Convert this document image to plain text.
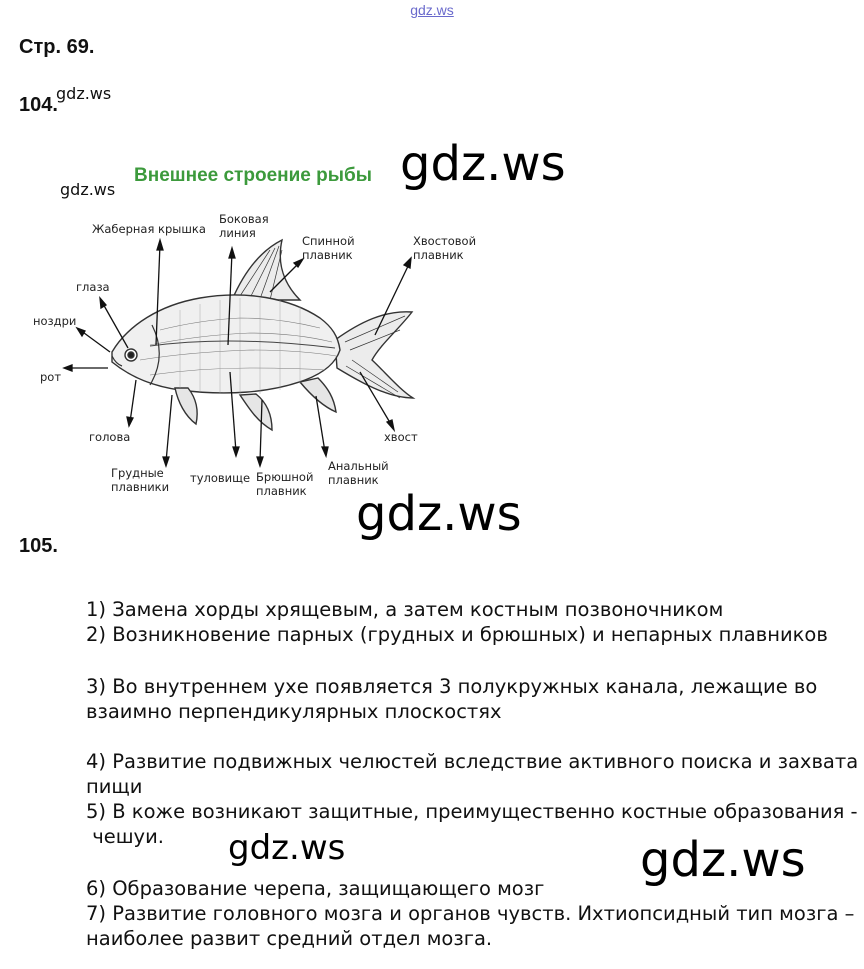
gdz.ws
Стр. 69.
104.
gdz.ws
gdz.ws
Внешнее строение рыбы gdz.ws
Жаберная крышка
Боковая
линия
Спинной
плавник
Хвостовой
плавник
глаза
ноздри
рот
голова
Грудные
плавники
туловище Брюшной
плавник
Анальный
плавник
хвост
gdz.ws
105.
1) Замена хорды хрящевым, а затем костным позвоночником
2) Возникновение парных (грудных и брюшных) и непарных плавников
3) Во внутреннем ухе появляется 3 полукружных канала, лежащие во
взаимно перпендикулярных плоскостях
4) Развитие подвижных челюстей вследствие активного поиска и захвата
пищи
5) В коже возникают защитные, преимущественно костные образования -
чешуи.
6) Образование черепа, защищающего мозг
7) Развитие головного мозга и органов чувств. Ихтиопсидный тип мозга –
наиболее развит средний отдел мозга.
gdz.ws	gdz.ws
